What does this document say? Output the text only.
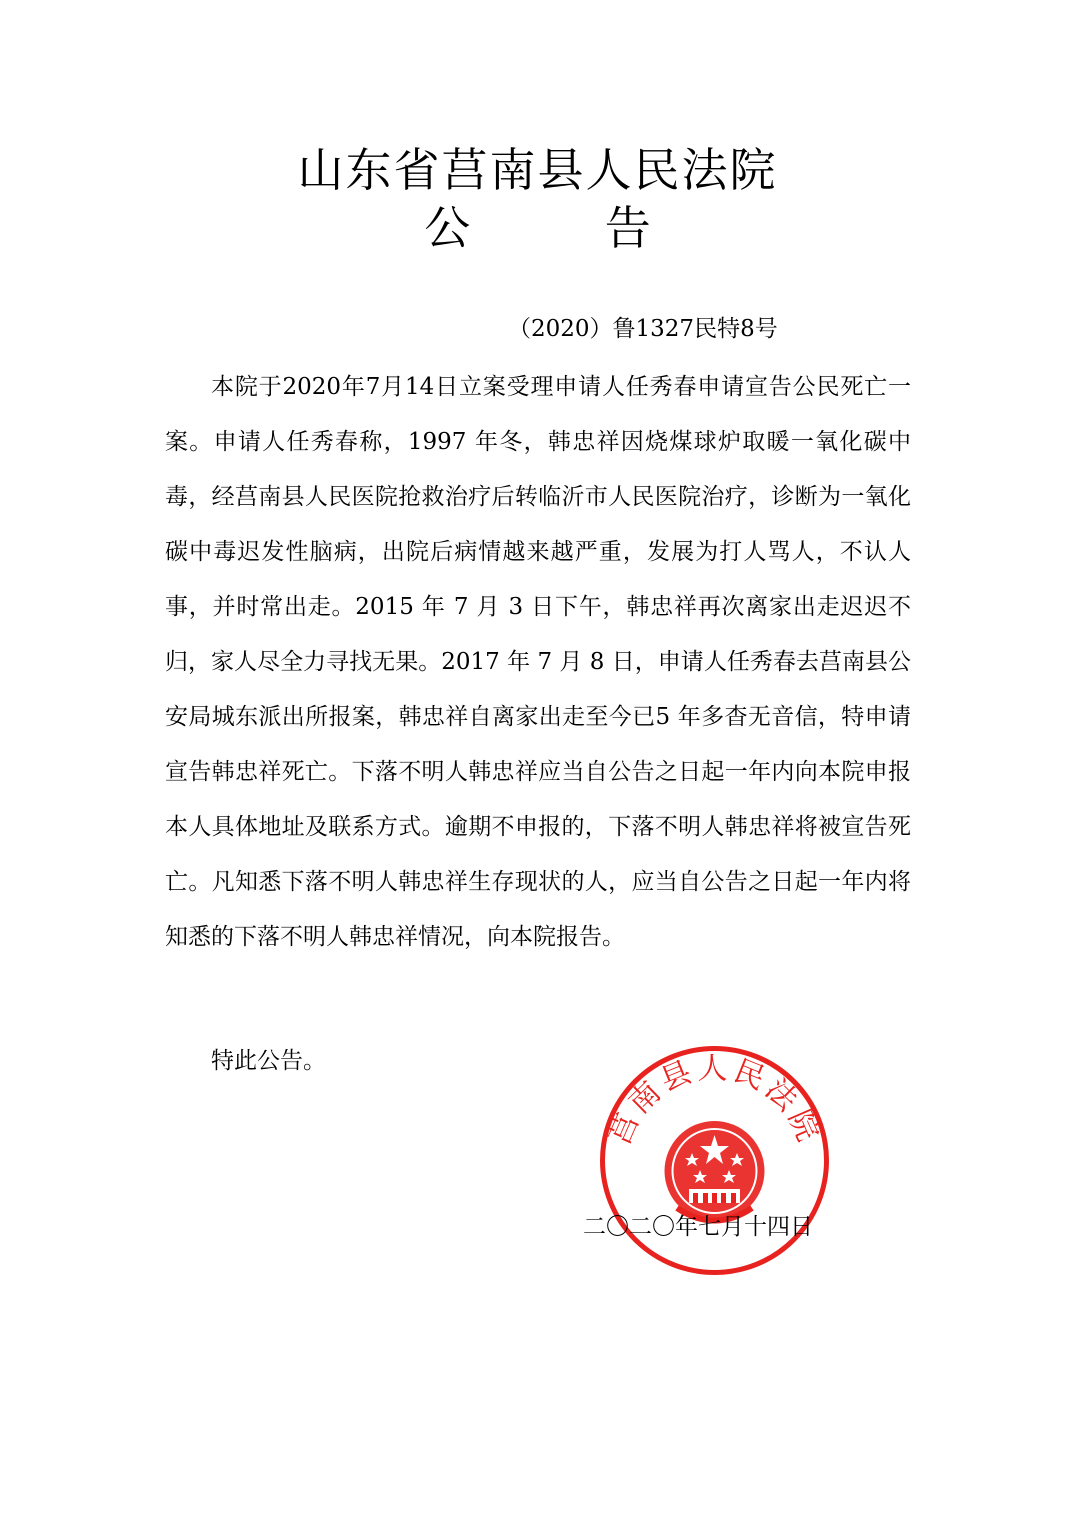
山东省莒南县人民法院
公 告
（2020）鲁1327民特8号

本院于2020年7月14日立案受理申请人任秀春申请宣告公民死亡一案。申请人任秀春称，1997 年冬，韩忠祥因烧煤球炉取暖一氧化碳中毒，经莒南县人民医院抢救治疗后转临沂市人民医院治疗，诊断为一氧化碳中毒迟发性脑病，出院后病情越来越严重，发展为打人骂人，不认人事，并时常出走。2015 年 7 月 3 日下午，韩忠祥再次离家出走迟迟不归，家人尽全力寻找无果。2017 年 7 月 8 日，申请人任秀春去莒南县公安局城东派出所报案，韩忠祥自离家出走至今已5 年多杳无音信，特申请宣告韩忠祥死亡。下落不明人韩忠祥应当自公告之日起一年内向本院申报本人具体地址及联系方式。逾期不申报的，下落不明人韩忠祥将被宣告死亡。凡知悉下落不明人韩忠祥生存现状的人，应当自公告之日起一年内将知悉的下落不明人韩忠祥情况，向本院报告。

特此公告。
莒南县人民法院
二〇二〇年七月十四日
